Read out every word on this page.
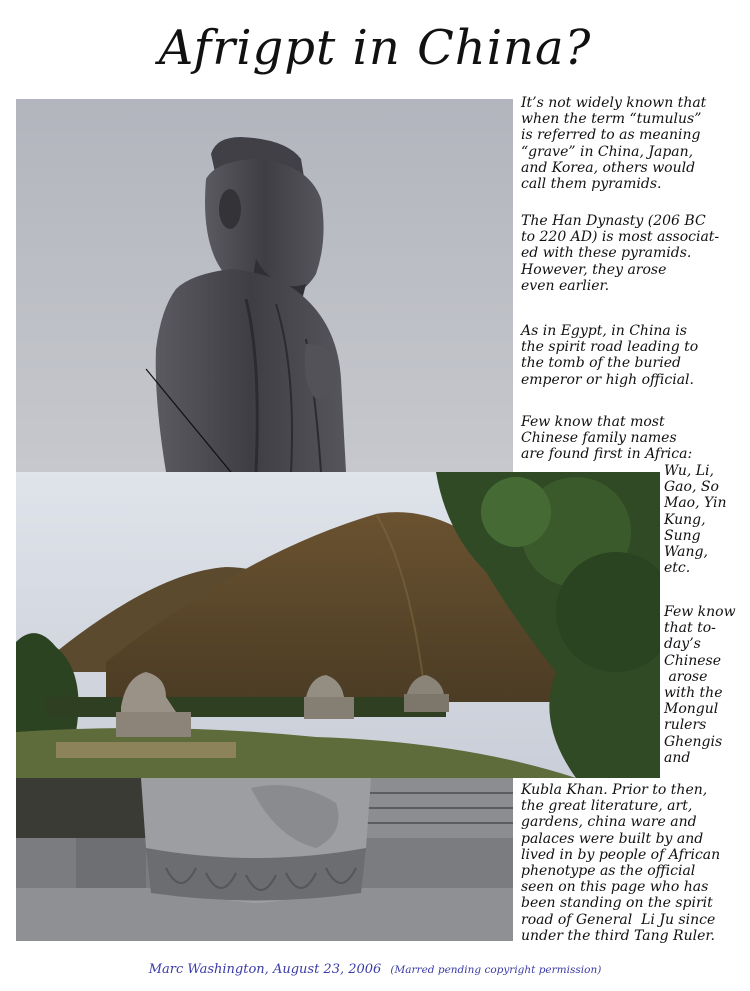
Afrigpt in China?
It’s not widely known that
when the term “tumulus”
is referred to as meaning
“grave” in China, Japan,
and Korea, others would
call them pyramids.
The Han Dynasty (206 BC
to 220 AD) is most associat-
ed with these pyramids.
However, they arose
even earlier.
As in Egypt, in China is
the spirit road leading to
the tomb of the buried
emperor or high official.
Few know that most
Chinese family names
are found first in Africa:
Wu, Li,
Gao, So
Mao, Yin
Kung,
Sung
Wang,
etc.
Few know
that to-
day’s
Chinese
arose
with the
Mongul
rulers
Ghengis
and
Kubla Khan. Prior to then,
the great literature, art,
gardens, china ware and
palaces were built by and
lived in by people of African
phenotype as the official
seen on this page who has
been standing on the spirit
road of General  Li Ju since
under the third Tang Ruler.
Marc Washington, August 23, 2006 (Marred pending copyright permission)
